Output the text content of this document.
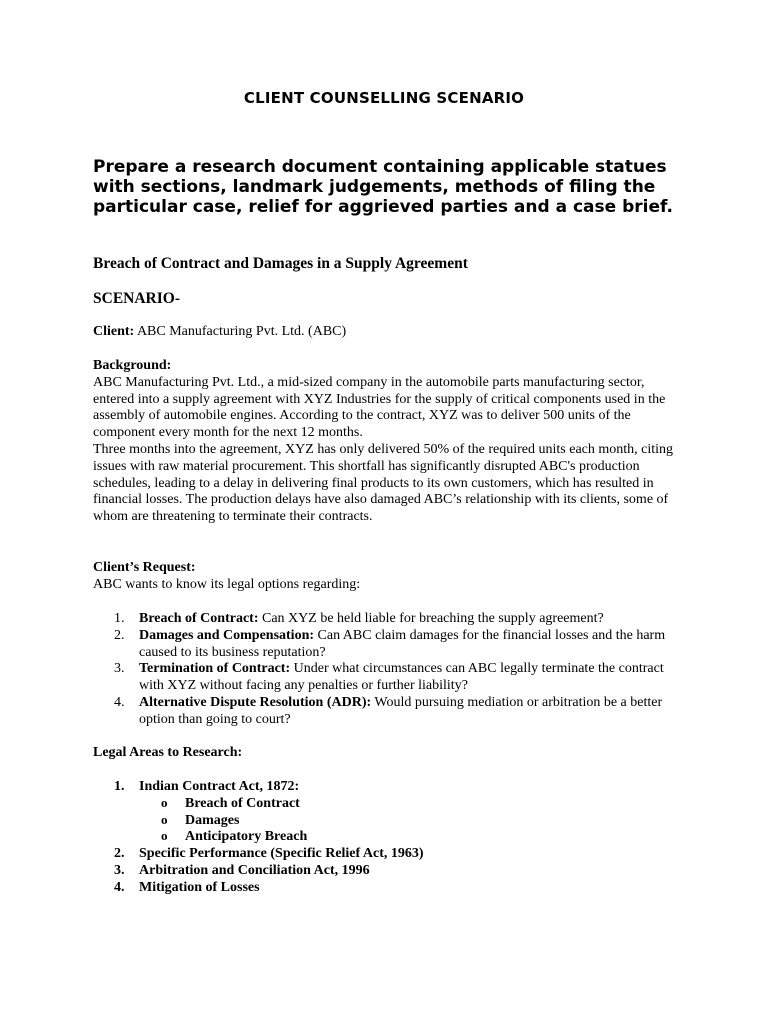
CLIENT COUNSELLING SCENARIO
Prepare a research document containing applicable statues with sections, landmark judgements, methods of filing the particular case, relief for aggrieved parties and a case brief.
Breach of Contract and Damages in a Supply Agreement
SCENARIO-
Client: ABC Manufacturing Pvt. Ltd. (ABC)

Background:

ABC Manufacturing Pvt. Ltd., a mid-sized company in the automobile parts manufacturing sector, entered into a supply agreement with XYZ Industries for the supply of critical components used in the assembly of automobile engines. According to the contract, XYZ was to deliver 500 units of the component every month for the next 12 months.

Three months into the agreement, XYZ has only delivered 50% of the required units each month, citing issues with raw material procurement. This shortfall has significantly disrupted ABC's production schedules, leading to a delay in delivering final products to its own customers, which has resulted in financial losses. The production delays have also damaged ABC’s relationship with its clients, some of whom are threatening to terminate their contracts.

Client’s Request:

ABC wants to know its legal options regarding:

1.	Breach of Contract: Can XYZ be held liable for breaching the supply agreement?
2.	Damages and Compensation: Can ABC claim damages for the financial losses and the harm caused to its business reputation?
3.	Termination of Contract: Under what circumstances can ABC legally terminate the contract with XYZ without facing any penalties or further liability?
4.	Alternative Dispute Resolution (ADR): Would pursuing mediation or arbitration be a better option than going to court?
Legal Areas to Research:
1.	Indian Contract Act, 1872:
o Breach of Contract
o Damages
o Anticipatory Breach
2.	Specific Performance (Specific Relief Act, 1963)
3.	Arbitration and Conciliation Act, 1996
4.	Mitigation of Losses
